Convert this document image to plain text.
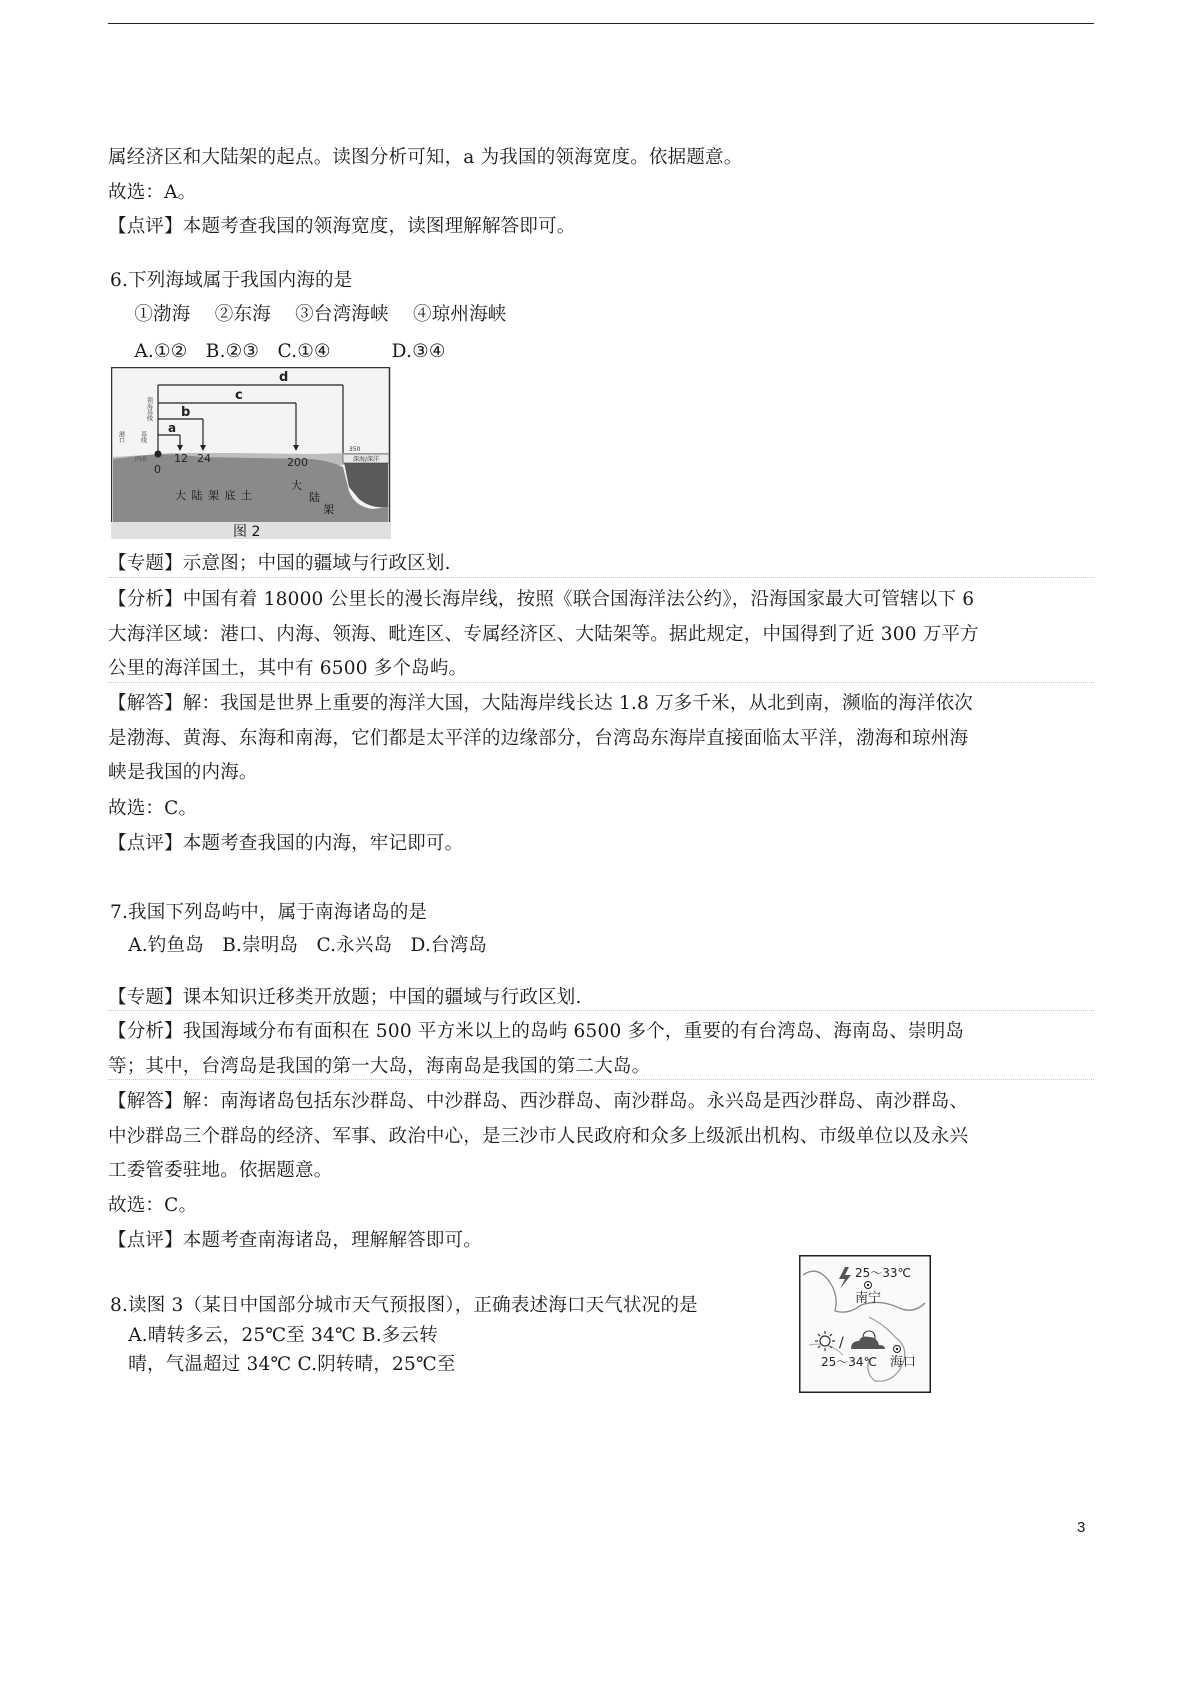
属经济区和大陆架的起点。读图分析可知，a 为我国的领海宽度。依据题意。
故选：A。
【点评】本题考查我国的领海宽度，读图理解解答即可。
6.下列海域属于我国内海的是
①渤海    ②东海    ③台湾海峡    ④琼州海峡
A.①②   B.②③   C.①④          D.③④
深海/深洋
350
d
c
b
a
领海基线
基线
港口
内水
0
12 24	200
大 陆 架 底 土
大
陆
架
图 2
【专题】示意图；中国的疆域与行政区划.
【分析】中国有着 18000 公里长的漫长海岸线，按照《联合国海洋法公约》，沿海国家最大可管辖以下 6
大海洋区域：港口、内海、领海、毗连区、专属经济区、大陆架等。据此规定，中国得到了近 300 万平方
公里的海洋国土，其中有 6500 多个岛屿。
【解答】解：我国是世界上重要的海洋大国，大陆海岸线长达 1.8 万多千米，从北到南，濒临的海洋依次
是渤海、黄海、东海和南海，它们都是太平洋的边缘部分，台湾岛东海岸直接面临太平洋，渤海和琼州海
峡是我国的内海。
故选：C。
【点评】本题考查我国的内海，牢记即可。
7.我国下列岛屿中，属于南海诸岛的是
A.钓鱼岛   B.崇明岛   C.永兴岛   D.台湾岛
【专题】课本知识迁移类开放题；中国的疆域与行政区划.
【分析】我国海域分布有面积在 500 平方米以上的岛屿 6500 多个，重要的有台湾岛、海南岛、崇明岛
等；其中，台湾岛是我国的第一大岛，海南岛是我国的第二大岛。
【解答】解：南海诸岛包括东沙群岛、中沙群岛、西沙群岛、南沙群岛。永兴岛是西沙群岛、南沙群岛、
中沙群岛三个群岛的经济、军事、政治中心，是三沙市人民政府和众多上级派出机构、市级单位以及永兴
工委管委驻地。依据题意。
故选：C。
【点评】本题考查南海诸岛，理解解答即可。
8.读图 3（某日中国部分城市天气预报图），正确表述海口天气状况的是
A.晴转多云，25℃至 34℃ B.多云转
晴，气温超过 34℃ C.阴转晴，25℃至
25～33℃
南宁
/
25～34℃ 海口
3
